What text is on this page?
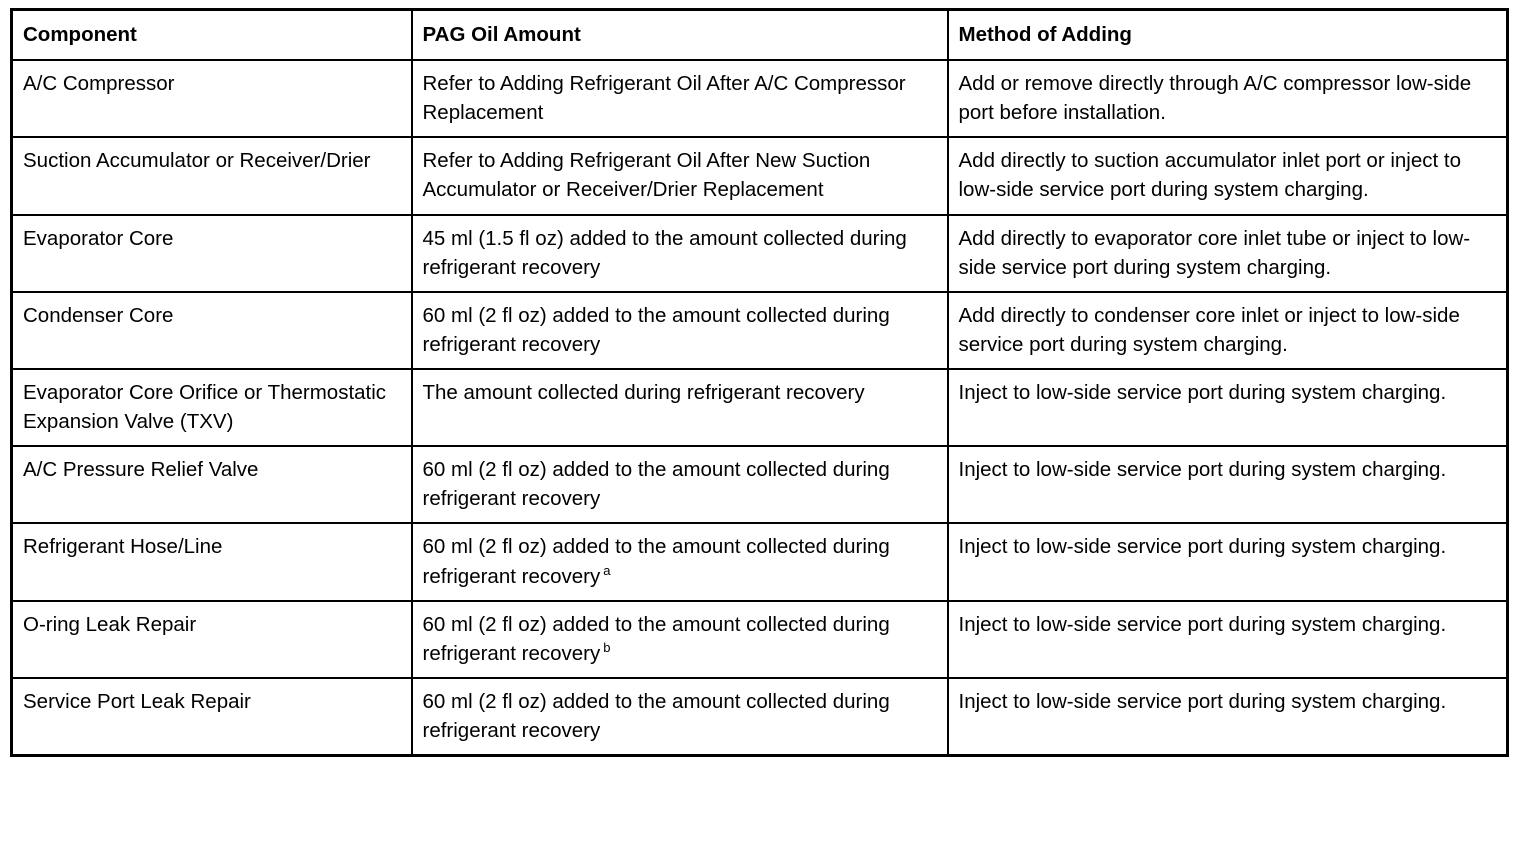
Component	PAG Oil Amount	Method of Adding
A/C Compressor	Refer to Adding Refrigerant Oil After A/C Compressor Replacement	Add or remove directly through A/C compressor low-side port before installation.
Suction Accumulator or Receiver/Drier	Refer to Adding Refrigerant Oil After New Suction Accumulator or Receiver/Drier Replacement	Add directly to suction accumulator inlet port or inject to low-side service port during system charging.
Evaporator Core	45 ml (1.5 fl oz) added to the amount collected during refrigerant recovery	Add directly to evaporator core inlet tube or inject to low-side service port during system charging.
Condenser Core	60 ml (2 fl oz) added to the amount collected during refrigerant recovery	Add directly to condenser core inlet or inject to low-side service port during system charging.
Evaporator Core Orifice or Thermostatic Expansion Valve (TXV)	The amount collected during refrigerant recovery	Inject to low-side service port during system charging.
A/C Pressure Relief Valve	60 ml (2 fl oz) added to the amount collected during refrigerant recovery	Inject to low-side service port during system charging.
Refrigerant Hose/Line	60 ml (2 fl oz) added to the amount collected during refrigerant recovery $^a$	Inject to low-side service port during system charging.
O-ring Leak Repair	60 ml (2 fl oz) added to the amount collected during refrigerant recovery $^b$	Inject to low-side service port during system charging.
Service Port Leak Repair	60 ml (2 fl oz) added to the amount collected during refrigerant recovery	Inject to low-side service port during system charging.
